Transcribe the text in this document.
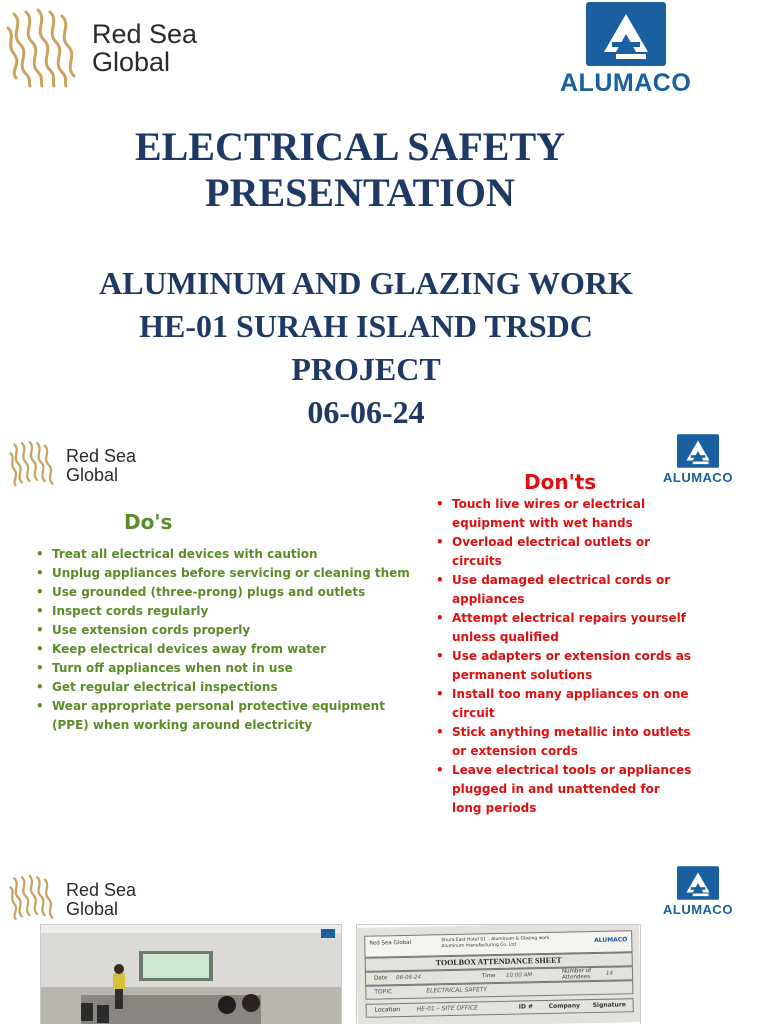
Red Sea
Global
ALUMACO
ELECTRICAL SAFETY
PRESENTATION
ALUMINUM AND GLAZING WORK
HE-01 SURAH ISLAND TRSDC
PROJECT
06-06-24
Red Sea
Global	ALUMACO
Do's
• Treat all electrical devices with caution
• Unplug appliances before servicing or cleaning them
• Use grounded (three-prong) plugs and outlets
• Inspect cords regularly
• Use extension cords properly
• Keep electrical devices away from water
• Turn off appliances when not in use
• Get regular electrical inspections
• Wear appropriate personal protective equipment (PPE) when working around electricity
Don'ts
• Touch live wires or electrical equipment with wet hands
• Overload electrical outlets or circuits
• Use damaged electrical cords or appliances
• Attempt electrical repairs yourself unless qualified
• Use adapters or extension cords as permanent solutions
• Install too many appliances on one circuit
• Stick anything metallic into outlets or extension cords
• Leave electrical tools or appliances plugged in and unattended for long periods
Red Sea
Global	ALUMACO
Red Sea Global	Shura East Hotel 01 – Aluminum & Glazing work
Aluminum manufacturing Co. Ltd
ALUMACO
TOOLBOX ATTENDANCE SHEET
Date 06-06-24	Time 10:00 AM
Number of Attendees
14
TOPIC	ELECTRICAL SAFETY
Location	HE-01 – SITE OFFICE	ID #	Company Signature
